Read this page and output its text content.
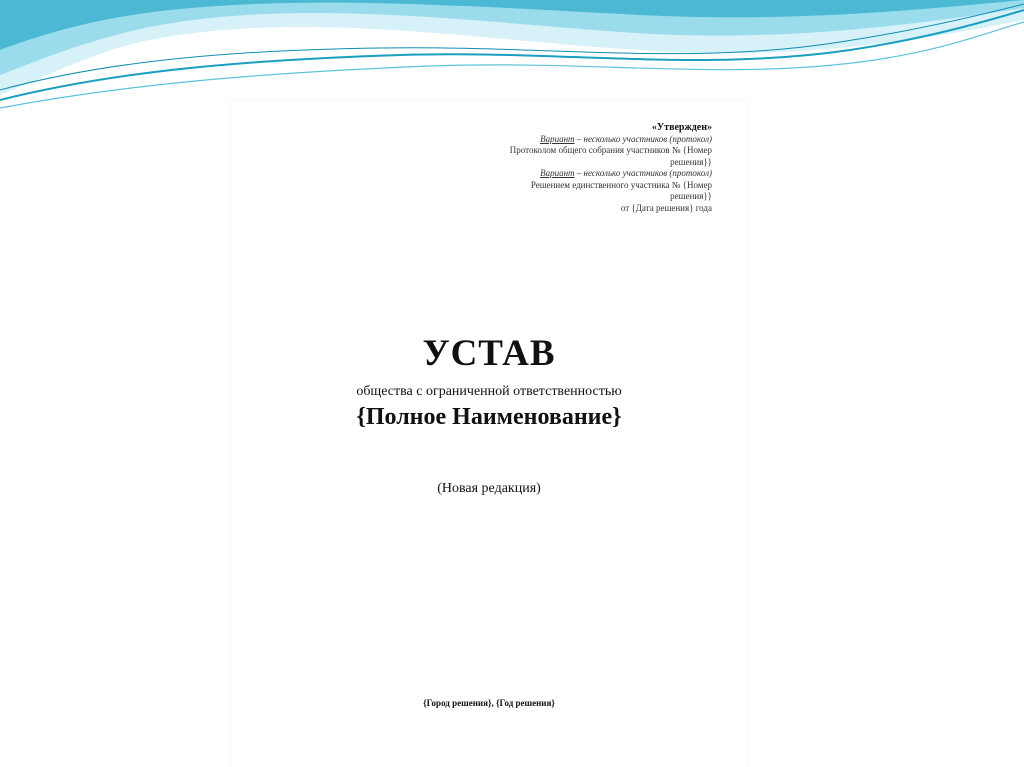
«Утвержден»
Вариант – несколько участников (протокол)
Протоколом общего собрания участников № {Номер
решения}}
Вариант – несколько участников (протокол)
Решением единственного участника № {Номер
решения}}
от {Дата решения} года
УСТАВ
общества с ограниченной ответственностью
{Полное Наименование}
(Новая редакция)
{Город решения}, {Год решения}
